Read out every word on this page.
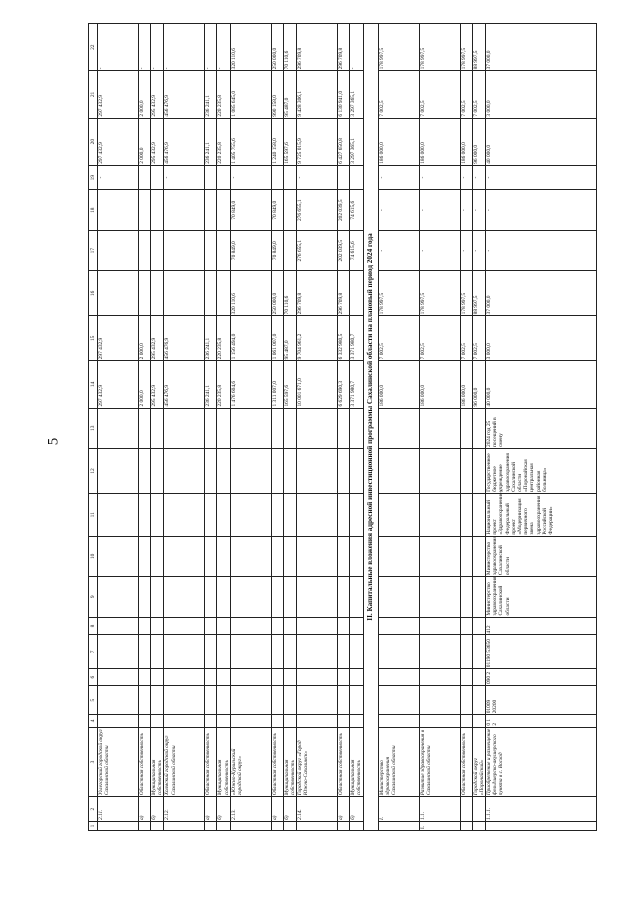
5
1	2	3	4	5	6	7	8	9	10	11	12	13	14	15	16	17	18	19	20	21	22
	2.11.	Углегорский городской округ Сахалинской области											297 432,9	297 432,9				-	297 432,9	297 432,9	-
	а)	Областная собственность											2 000,0	2 000,0					2 000,0	2 000,0	-
	б)	Муниципальная собственность											295 432,9	295 432,9					295 432,9	295 432,9	-
	2.12.	Холмский городской округ Сахалинской области											456 476,9	456 476,9				-	456 476,9	456 476,9	-
	а)	Областная собственность											236 241,1	236 241,1					236 241,1	236 241,1	-
	б)	Муниципальная собственность											220 235,8	220 235,8					220 235,8	220 235,8	-
	2.13.	«Южно-Курильский городской округ»											1 476 604,6	1 156 494,0	320 110,6	70 849,0	70 849,0	-	1 405 755,6	1 085 645,0	320 110,6
	а)	Областная собственность											1 311 007,0	1 061 007,0	250 000,0	70 849,0	70 849,0		1 240 158,0	990 158,0	250 000,0
	б)	Муниципальная собственность											165 597,6	95 487,0	70 110,6				165 597,6	95 487,0	70 110,6
	2.14.	Городской округ «Город Южно-Сахалинск»											10 001 671,0	9 704 961,2	296 709,8	276 655,1	276 655,1	-	9 725 015,9	9 428 306,1	296 709,8
	а)	Областная собственность											6 629 690,3	6 332 980,5	296 709,8	202 039,5	202 039,5		6 427 650,8	6 130 941,0	296 709,8
	б)	Муниципальная собственность											3 371 980,7	3 371 980,7		74 615,6	74 615,6		3 297 365,1	3 297 365,1	-
II. Капитальные вложения адресной инвестиционной программы Сахалинской области на плановый период 2024 года																					
	I.	Министерство здравоохранения Сахалинской области											186 000,0	7 002,5	178 997,5	-	-	-	186 000,0	7 002,5	178 997,5
I.	1.1.	Развитие здравоохранения в Сахалинской области											186 000,0	7 002,5	178 997,5	-	-	-	186 000,0	7 002,5	178 997,5
		Областная собственность											186 000,0	7 002,5	178 997,5	-	-	-	186 000,0	7 002,5	178 997,5
		Городской округ «Поронайский»											96 000,0	7 002,5	88 997,5	-	-	-	96 000,0	7 002,5	88 997,5
	1.1.1.	Приобретение и размещение фельдшерско-акушерского пункта в с. Восход	0 1 2	01009 20200	090 2	01190 53650	412	Министерство здравоохранения Сахалинской области	Министерство здравоохранения Сахалинской области	Национальный проект «Здравоохранение», Федеральный проект «Модернизация первичного звена здравоохранения Российской Федерации»	Государственное бюджетное учреждение здравоохранения Сахалинской области «Поронайская центральная районная больница»	2024 год 25 посещений в смену	40 000,0	3 000,0	37 000,0	-	-	-	40 000,0	3 000,0	37 000,0
